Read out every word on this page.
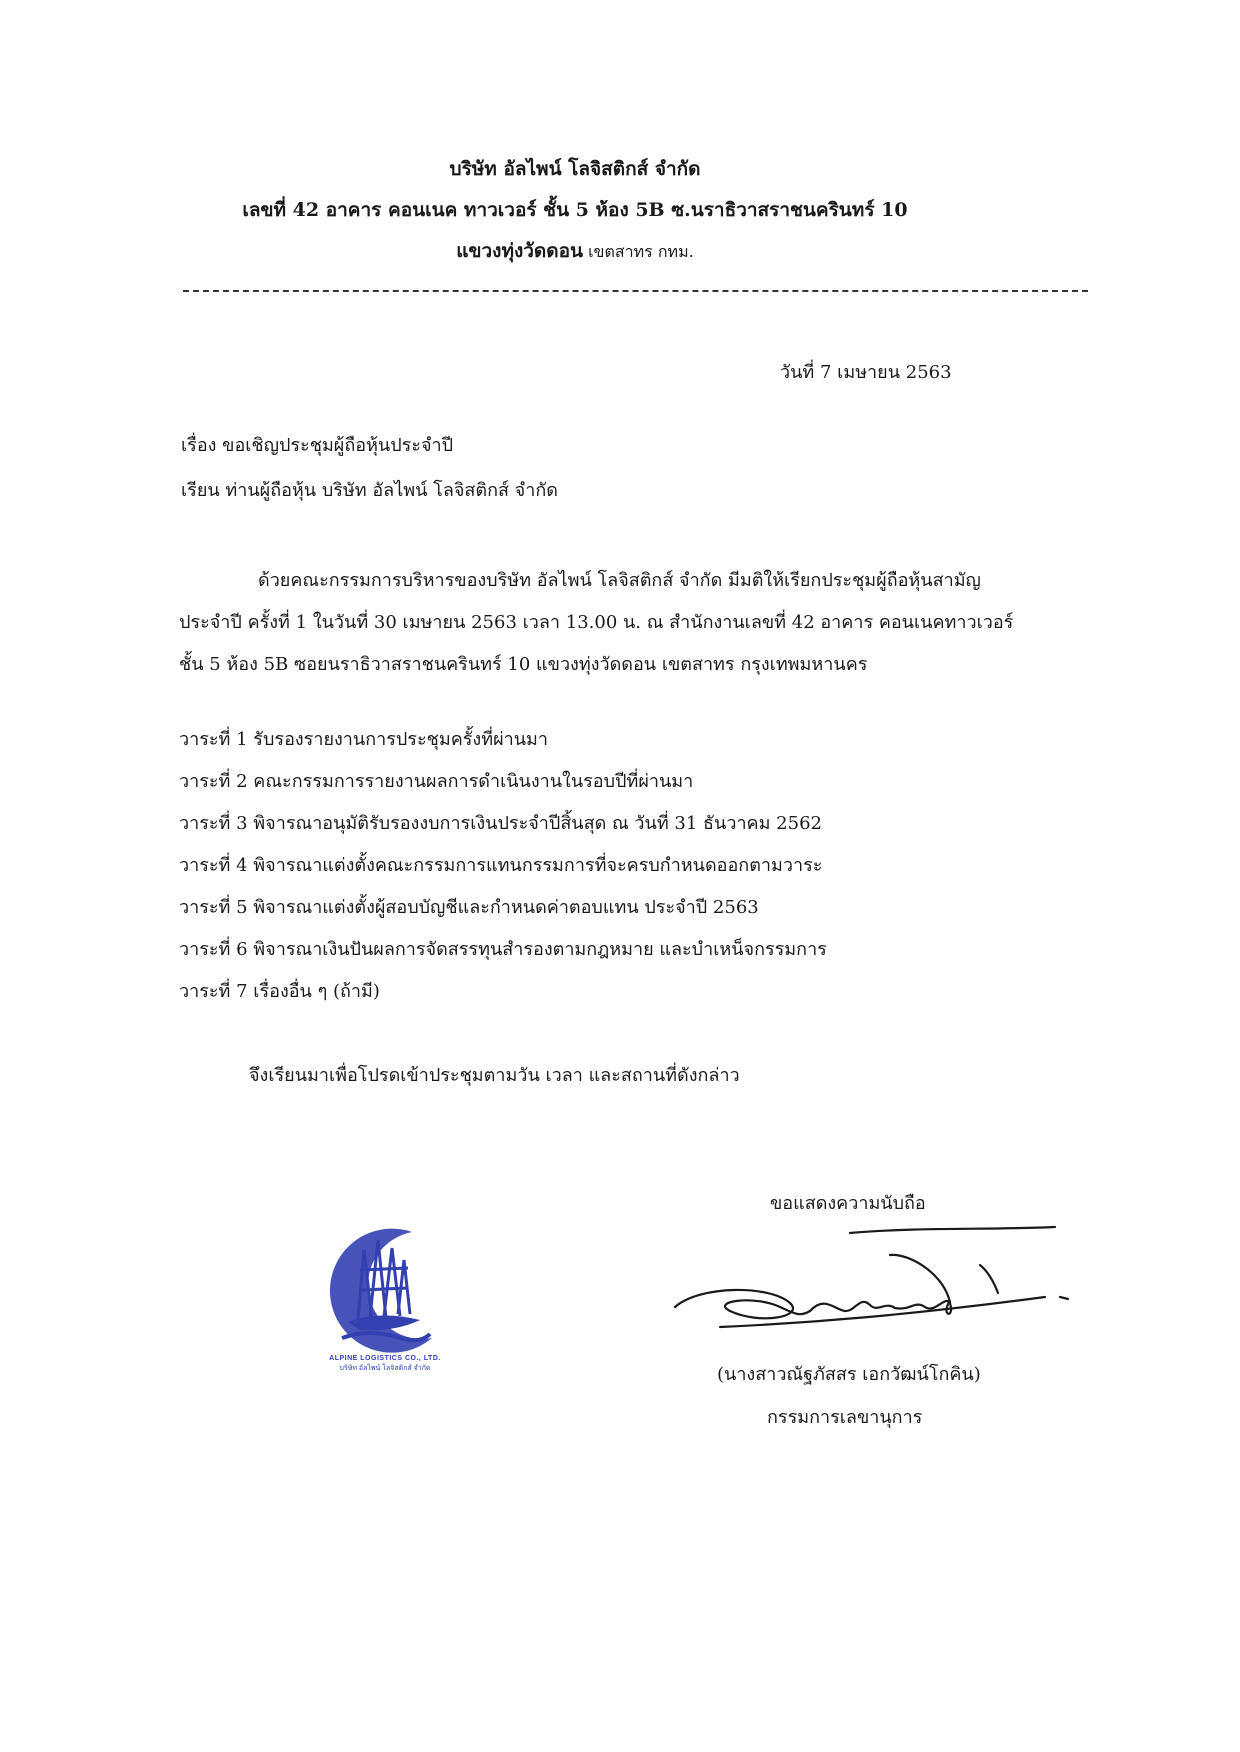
บริษัท อัลไพน์ โลจิสติกส์ จำกัด
เลขที่ 42 อาคาร คอนเนค ทาวเวอร์ ชั้น 5 ห้อง 5B ซ.นราธิวาสราชนครินทร์ 10
แขวงทุ่งวัดดอน เขตสาทร กทม.
วันที่ 7 เมษายน 2563
เรื่อง ขอเชิญประชุมผู้ถือหุ้นประจำปี
เรียน ท่านผู้ถือหุ้น บริษัท อัลไพน์ โลจิสติกส์ จำกัด
ด้วยคณะกรรมการบริหารของบริษัท อัลไพน์ โลจิสติกส์ จำกัด มีมติให้เรียกประชุมผู้ถือหุ้นสามัญ
ประจำปี ครั้งที่ 1 ในวันที่ 30 เมษายน 2563 เวลา 13.00 น. ณ สำนักงานเลขที่ 42 อาคาร คอนเนคทาวเวอร์
ชั้น 5 ห้อง 5B ซอยนราธิวาสราชนครินทร์ 10 แขวงทุ่งวัดดอน เขตสาทร กรุงเทพมหานคร
วาระที่ 1 รับรองรายงานการประชุมครั้งที่ผ่านมา
วาระที่ 2 คณะกรรมการรายงานผลการดำเนินงานในรอบปีที่ผ่านมา
วาระที่ 3 พิจารณาอนุมัติรับรองงบการเงินประจำปีสิ้นสุด ณ วันที่ 31 ธันวาคม 2562
วาระที่ 4 พิจารณาแต่งตั้งคณะกรรมการแทนกรรมการที่จะครบกำหนดออกตามวาระ
วาระที่ 5 พิจารณาแต่งตั้งผู้สอบบัญชีและกำหนดค่าตอบแทน ประจำปี 2563
วาระที่ 6 พิจารณาเงินปันผลการจัดสรรทุนสำรองตามกฎหมาย และบำเหน็จกรรมการ
วาระที่ 7 เรื่องอื่น ๆ (ถ้ามี)
จึงเรียนมาเพื่อโปรดเข้าประชุมตามวัน เวลา และสถานที่ดังกล่าว
ขอแสดงความนับถือ
ALPINE LOGISTICS CO., LTD.
บริษัท อัลไพน์ โลจิสติกส์ จำกัด	(นางสาวณัฐภัสสร เอกวัฒน์โกคิน)
กรรมการเลขานุการ
